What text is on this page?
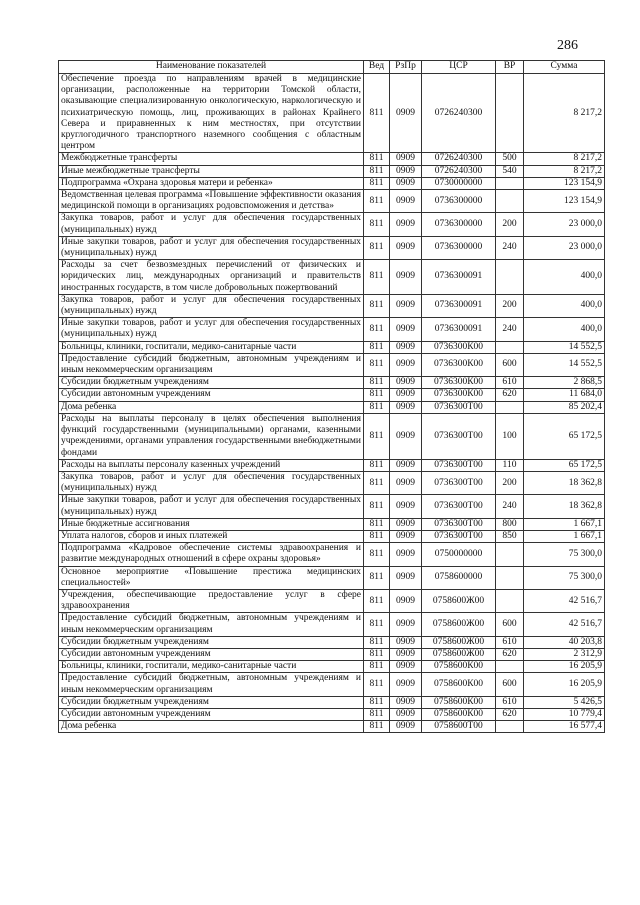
286
Наименование показателей	Вед	РзПр	ЦСР	ВР	Сумма
Обеспечение проезда по направлениям врачей в медицинские организации, расположенные на территории Томской области, оказывающие специализированную онкологическую, наркологическую и психиатрическую помощь, лиц, проживающих в районах Крайнего Севера и приравненных к ним местностях, при отсутствии круглогодичного транспортного наземного сообщения с областным центром	811	0909	0726240300		8 217,2
Межбюджетные трансферты	811	0909	0726240300	500	8 217,2
Иные межбюджетные трансферты	811	0909	0726240300	540	8 217,2
Подпрограмма «Охрана здоровья матери и ребенка»	811	0909	0730000000		123 154,9
Ведомственная целевая программа «Повышение эффективности оказания медицинской помощи в организациях родовспоможения и детства»	811	0909	0736300000		123 154,9
Закупка товаров, работ и услуг для обеспечения государственных (муниципальных) нужд	811	0909	0736300000	200	23 000,0
Иные закупки товаров, работ и услуг для обеспечения государственных (муниципальных) нужд	811	0909	0736300000	240	23 000,0
Расходы за счет безвозмездных перечислений от физических и юридических лиц, международных организаций и правительств иностранных государств, в том числе добровольных пожертвований	811	0909	0736300091		400,0
Закупка товаров, работ и услуг для обеспечения государственных (муниципальных) нужд	811	0909	0736300091	200	400,0
Иные закупки товаров, работ и услуг для обеспечения государственных (муниципальных) нужд	811	0909	0736300091	240	400,0
Больницы, клиники, госпитали, медико-санитарные части	811	0909	0736300К00		14 552,5
Предоставление субсидий бюджетным, автономным учреждениям и иным некоммерческим организациям	811	0909	0736300К00	600	14 552,5
Субсидии бюджетным учреждениям	811	0909	0736300К00	610	2 868,5
Субсидии автономным учреждениям	811	0909	0736300К00	620	11 684,0
Дома ребенка	811	0909	0736300Т00		85 202,4
Расходы на выплаты персоналу в целях обеспечения выполнения функций государственными (муниципальными) органами, казенными учреждениями, органами управления государственными внебюджетными фондами	811	0909	0736300Т00	100	65 172,5
Расходы на выплаты персоналу казенных учреждений	811	0909	0736300Т00	110	65 172,5
Закупка товаров, работ и услуг для обеспечения государственных (муниципальных) нужд	811	0909	0736300Т00	200	18 362,8
Иные закупки товаров, работ и услуг для обеспечения государственных (муниципальных) нужд	811	0909	0736300Т00	240	18 362,8
Иные бюджетные ассигнования	811	0909	0736300Т00	800	1 667,1
Уплата налогов, сборов и иных платежей	811	0909	0736300Т00	850	1 667,1
Подпрограмма «Кадровое обеспечение системы здравоохранения и развитие международных отношений в сфере охраны здоровья»	811	0909	0750000000		75 300,0
Основное мероприятие «Повышение престижа медицинских специальностей»	811	0909	0758600000		75 300,0
Учреждения, обеспечивающие предоставление услуг в сфере здравоохранения	811	0909	0758600Ж00		42 516,7
Предоставление субсидий бюджетным, автономным учреждениям и иным некоммерческим организациям	811	0909	0758600Ж00	600	42 516,7
Субсидии бюджетным учреждениям	811	0909	0758600Ж00	610	40 203,8
Субсидии автономным учреждениям	811	0909	0758600Ж00	620	2 312,9
Больницы, клиники, госпитали, медико-санитарные части	811	0909	0758600К00		16 205,9
Предоставление субсидий бюджетным, автономным учреждениям и иным некоммерческим организациям	811	0909	0758600К00	600	16 205,9
Субсидии бюджетным учреждениям	811	0909	0758600К00	610	5 426,5
Субсидии автономным учреждениям	811	0909	0758600К00	620	10 779,4
Дома ребенка	811	0909	0758600Т00		16 577,4
